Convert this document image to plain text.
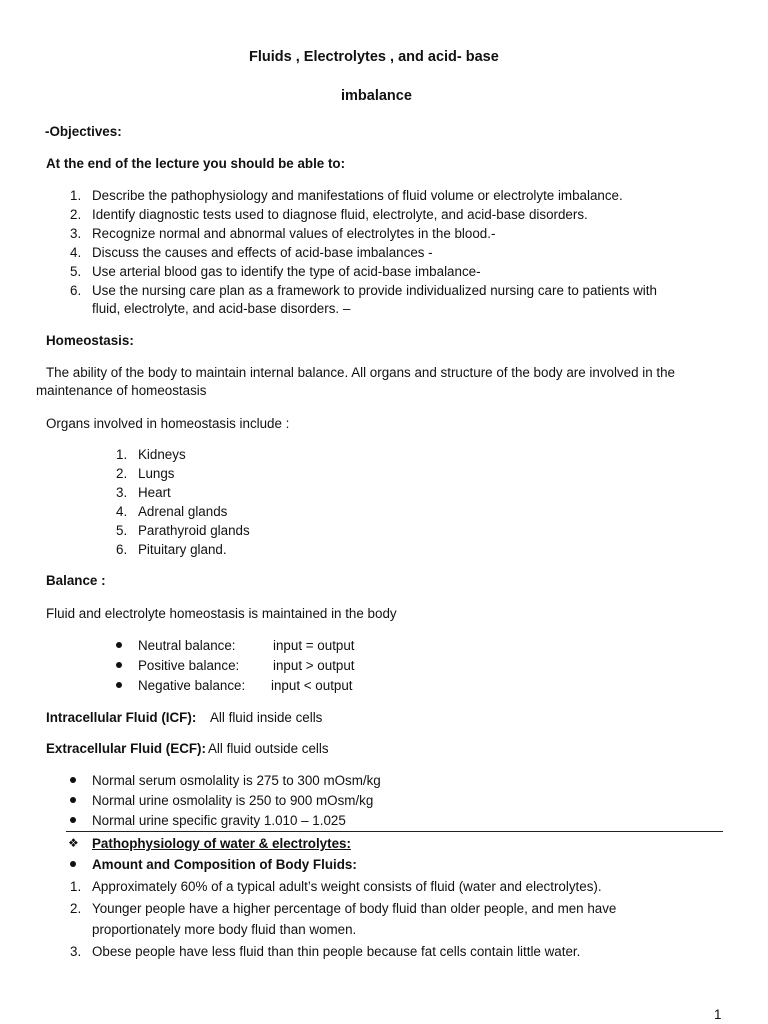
Fluids , Electrolytes , and acid- base
imbalance
-Objectives:
At the end of the lecture you should be able to:
1. Describe the pathophysiology and manifestations of fluid volume or electrolyte imbalance.
2. Identify diagnostic tests used to diagnose fluid, electrolyte, and acid-base disorders.
3. Recognize normal and abnormal values of electrolytes in the blood.-
4. Discuss the causes and effects of acid-base imbalances -
5. Use arterial blood gas to identify the type of acid-base imbalance-
6. Use the nursing care plan as a framework to provide individualized nursing care to patients with
fluid, electrolyte, and acid-base disorders. –
Homeostasis:
The ability of the body to maintain internal balance. All organs and structure of the body are involved in the
maintenance of homeostasis
Organs involved in homeostasis include :
1. Kidneys
2. Lungs
3. Heart
4. Adrenal glands
5. Parathyroid glands
6. Pituitary gland.
Balance :
Fluid and electrolyte homeostasis is maintained in the body
Neutral balance:	input = output
Positive balance:	input > output
Negative balance: input < output
Intracellular Fluid (ICF): All fluid inside cells
Extracellular Fluid (ECF): All fluid outside cells
Normal serum osmolality is 275 to 300 mOsm/kg
Normal urine osmolality is 250 to 900 mOsm/kg
Normal urine specific gravity 1.010 – 1.025
❖ Pathophysiology of water & electrolytes:
Amount and Composition of Body Fluids:
1. Approximately 60% of a typical adult’s weight consists of fluid (water and electrolytes).
2. Younger people have a higher percentage of body fluid than older people, and men have
proportionately more body fluid than women.
3. Obese people have less fluid than thin people because fat cells contain little water.
1
